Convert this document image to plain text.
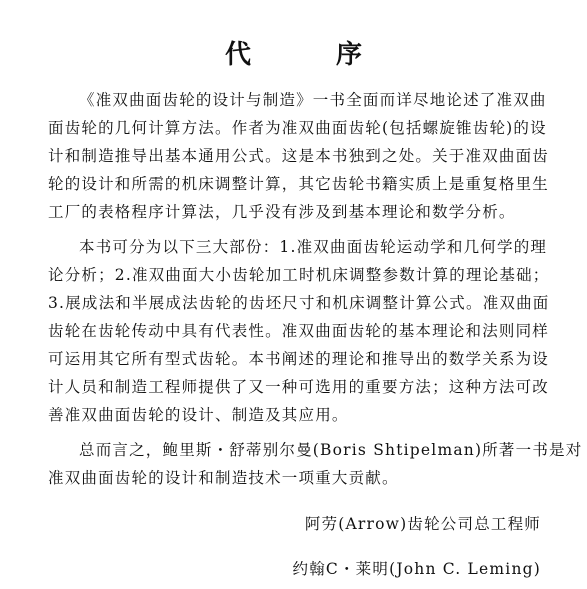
代 序
《准双曲面齿轮的设计与制造》一书全面而详尽地论述了准双曲
面齿轮的几何计算方法。作者为准双曲面齿轮(包括螺旋锥齿轮)的设
计和制造推导出基本通用公式。这是本书独到之处。关于准双曲面齿
轮的设计和所需的机床调整计算，其它齿轮书籍实质上是重复格里生
工厂的表格程序计算法，几乎没有涉及到基本理论和数学分析。
本书可分为以下三大部份：1.准双曲面齿轮运动学和几何学的理
论分析；2.准双曲面大小齿轮加工时机床调整参数计算的理论基础；
3.展成法和半展成法齿轮的齿坯尺寸和机床调整计算公式。准双曲面
齿轮在齿轮传动中具有代表性。准双曲面齿轮的基本理论和法则同样
可运用其它所有型式齿轮。本书阐述的理论和推导出的数学关系为设
计人员和制造工程师提供了又一种可选用的重要方法；这种方法可改
善准双曲面齿轮的设计、制造及其应用。
总而言之，鲍里斯・舒蒂别尔曼(Boris Shtipelman)所著一书是对
准双曲面齿轮的设计和制造技术一项重大贡献。
阿劳(Arrow)齿轮公司总工程师
约翰C・莱明(John C. Leming)
